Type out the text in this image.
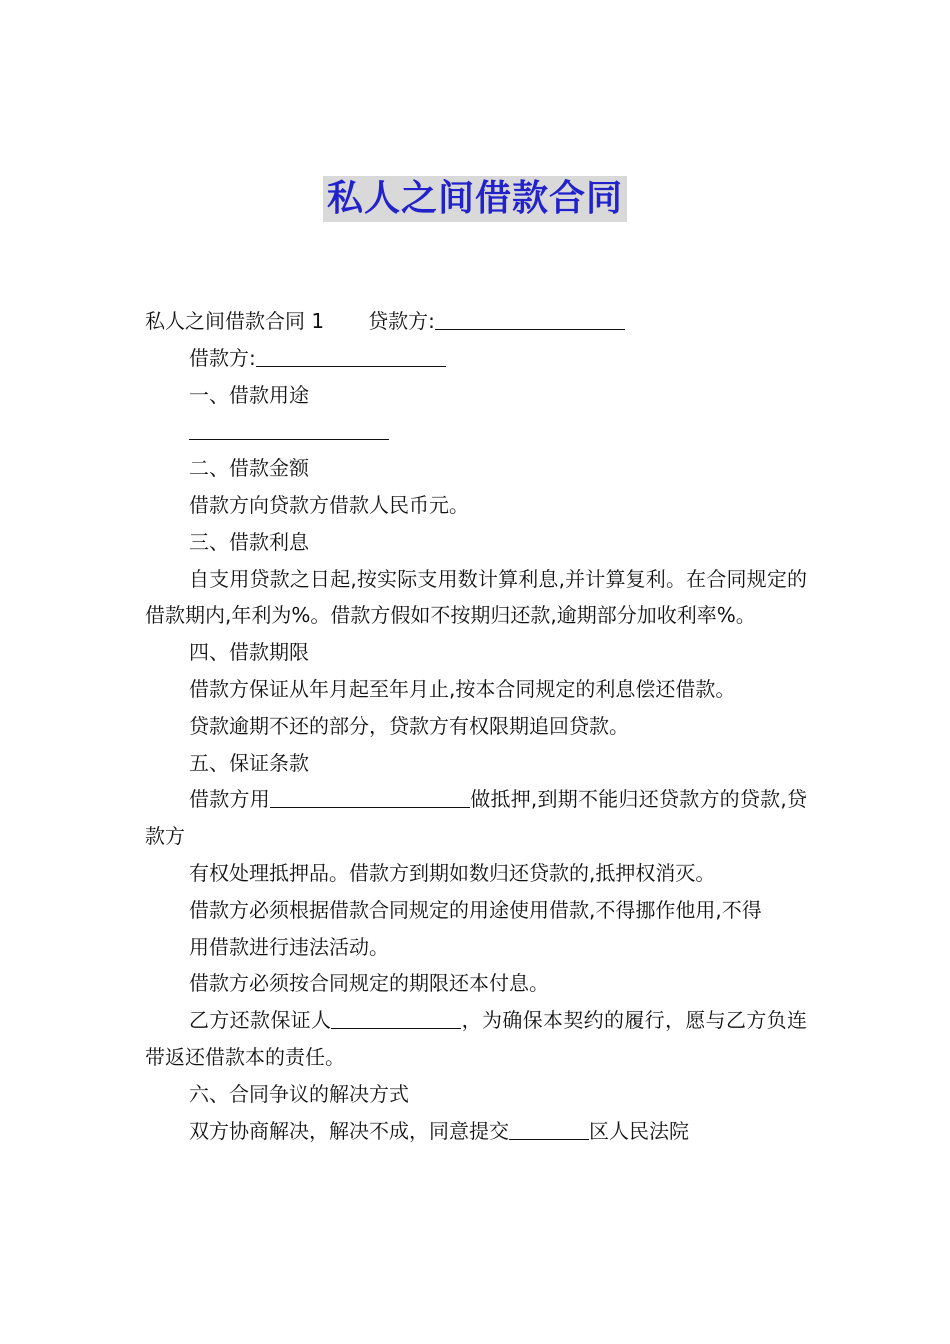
私人之间借款合同

私人之间借款合同 1 贷款方:

借款方:

一、借款用途

二、借款金额

借款方向贷款方借款人民币元。

三、借款利息

自支用贷款之日起,按实际支用数计算利息,并计算复利。在合同规定的借款期内,年利为%。借款方假如不按期归还款,逾期部分加收利率%。

四、借款期限

借款方保证从年月起至年月止,按本合同规定的利息偿还借款。

贷款逾期不还的部分，贷款方有权限期追回贷款。

五、保证条款

借款方用	做抵押,到期不能归还贷款方的贷款,贷款方

有权处理抵押品。借款方到期如数归还贷款的,抵押权消灭。

借款方必须根据借款合同规定的用途使用借款,不得挪作他用,不得

用借款进行违法活动。

借款方必须按合同规定的期限还本付息。

乙方还款保证人	，为确保本契约的履行，愿与乙方负连带返还借款本的责任。

六、合同争议的解决方式

双方协商解决，解决不成，同意提交	区人民法院
